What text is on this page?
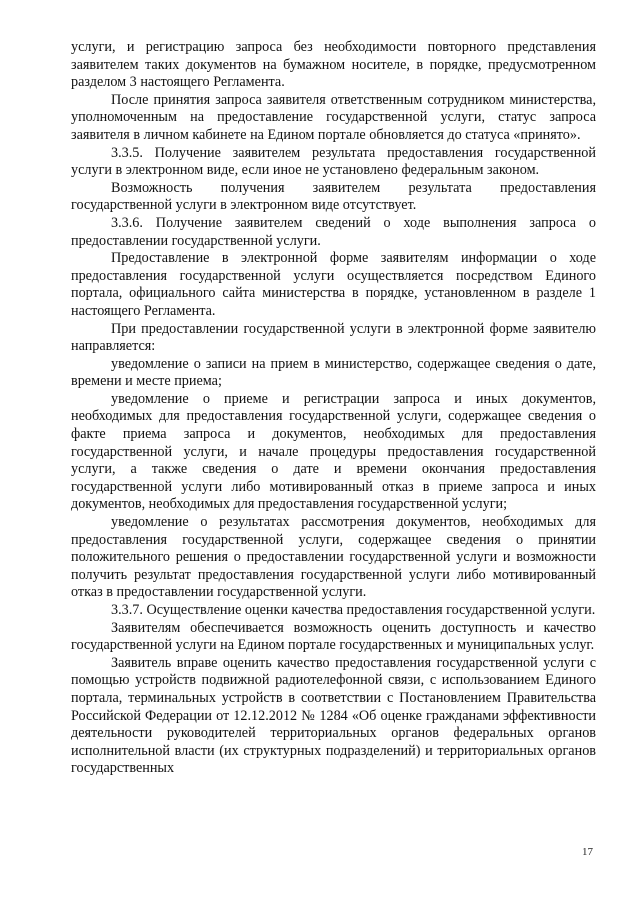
услуги, и регистрацию запроса без необходимости повторного представления заявителем таких документов на бумажном носителе, в порядке, предусмотренном разделом 3 настоящего Регламента.

После принятия запроса заявителя ответственным сотрудником министерства, уполномоченным на предоставление государственной услуги, статус запроса заявителя в личном кабинете на Едином портале обновляется до статуса «принято».

3.3.5. Получение заявителем результата предоставления государственной услуги в электронном виде, если иное не установлено федеральным законом.

Возможность получения заявителем результата предоставления государственной услуги в электронном виде отсутствует.

3.3.6. Получение заявителем сведений о ходе выполнения запроса о предоставлении государственной услуги.

Предоставление в электронной форме заявителям информации о ходе предоставления государственной услуги осуществляется посредством Единого портала, официального сайта министерства в порядке, установленном в разделе 1 настоящего Регламента.

При предоставлении государственной услуги в электронной форме заявителю направляется:

уведомление о записи на прием в министерство, содержащее сведения о дате, времени и месте приема;

уведомление о приеме и регистрации запроса и иных документов, необходимых для предоставления государственной услуги, содержащее сведения о факте приема запроса и документов, необходимых для предоставления государственной услуги, и начале процедуры предоставления государственной услуги, а также сведения о дате и времени окончания предоставления государственной услуги либо мотивированный отказ в приеме запроса и иных документов, необходимых для предоставления государственной услуги;

уведомление о результатах рассмотрения документов, необходимых для предоставления государственной услуги, содержащее сведения о принятии положительного решения о предоставлении государственной услуги и возможности получить результат предоставления государственной услуги либо мотивированный отказ в предоставлении государственной услуги.

3.3.7. Осуществление оценки качества предоставления государственной услуги.

Заявителям обеспечивается возможность оценить доступность и качество государственной услуги на Едином портале государственных и муниципальных услуг.

Заявитель вправе оценить качество предоставления государственной услуги с помощью устройств подвижной радиотелефонной связи, с использованием Единого портала, терминальных устройств в соответствии с Постановлением Правительства Российской Федерации от 12.12.2012 № 1284 «Об оценке гражданами эффективности деятельности руководителей территориальных органов федеральных органов исполнительной власти (их структурных подразделений) и территориальных органов государственных

17
